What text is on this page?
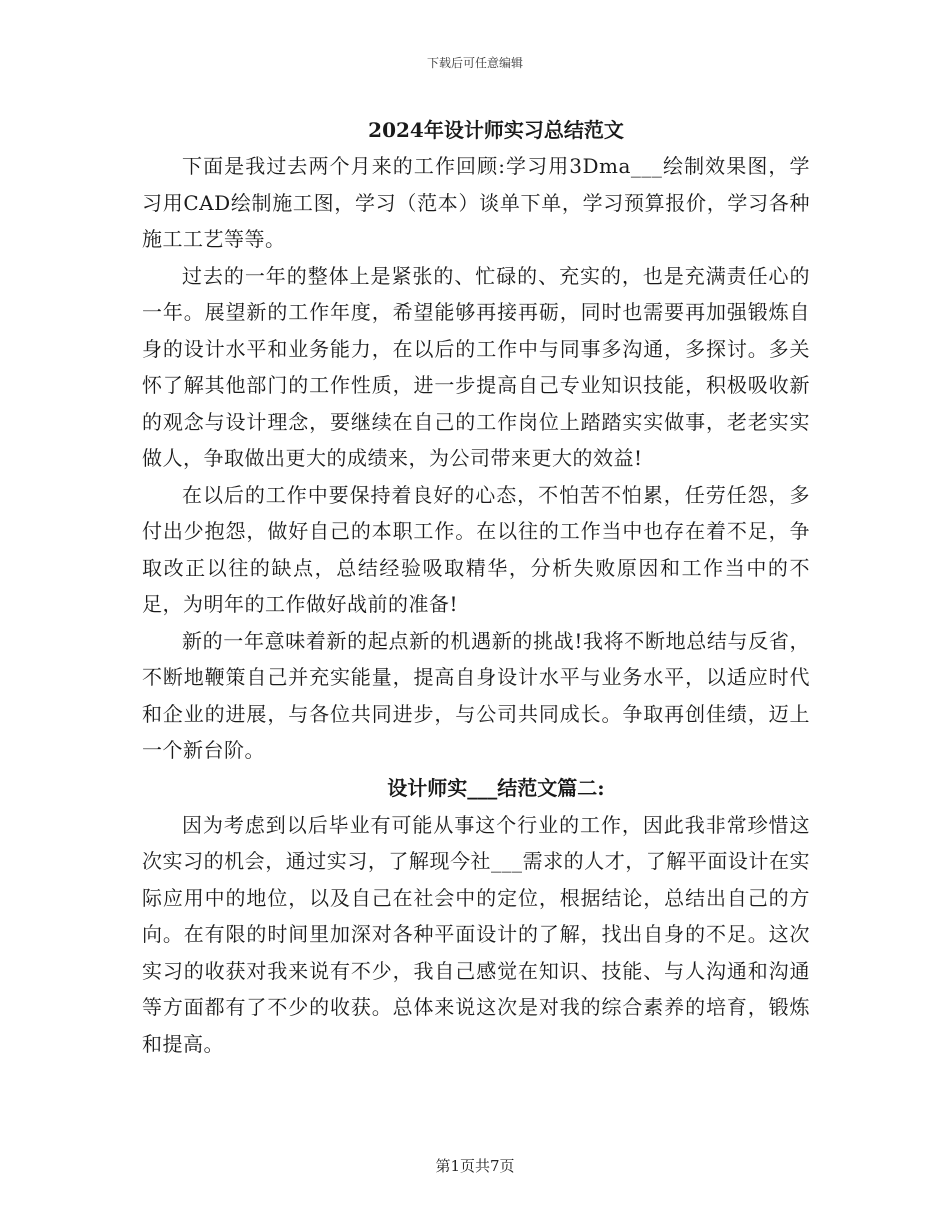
下载后可任意编辑
2024年设计师实习总结范文

下面是我过去两个月来的工作回顾:学习用3Dma___绘制效果图，学习用CAD绘制施工图，学习（范本）谈单下单，学习预算报价，学习各种施工工艺等等。

过去的一年的整体上是紧张的、忙碌的、充实的，也是充满责任心的一年。展望新的工作年度，希望能够再接再砺，同时也需要再加强锻炼自身的设计水平和业务能力，在以后的工作中与同事多沟通，多探讨。多关怀了解其他部门的工作性质，进一步提高自己专业知识技能，积极吸收新的观念与设计理念，要继续在自己的工作岗位上踏踏实实做事，老老实实做人，争取做出更大的成绩来，为公司带来更大的效益!

在以后的工作中要保持着良好的心态，不怕苦不怕累，任劳任怨，多付出少抱怨，做好自己的本职工作。在以往的工作当中也存在着不足，争取改正以往的缺点，总结经验吸取精华，分析失败原因和工作当中的不足，为明年的工作做好战前的准备!

新的一年意味着新的起点新的机遇新的挑战!我将不断地总结与反省，不断地鞭策自己并充实能量，提高自身设计水平与业务水平，以适应时代和企业的进展，与各位共同进步，与公司共同成长。争取再创佳绩，迈上一个新台阶。

设计师实___结范文篇二:

因为考虑到以后毕业有可能从事这个行业的工作，因此我非常珍惜这次实习的机会，通过实习，了解现今社___需求的人才，了解平面设计在实际应用中的地位，以及自己在社会中的定位，根据结论，总结出自己的方向。在有限的时间里加深对各种平面设计的了解，找出自身的不足。这次实习的收获对我来说有不少，我自己感觉在知识、技能、与人沟通和沟通等方面都有了不少的收获。总体来说这次是对我的综合素养的培育，锻炼和提高。

第1页共7页
